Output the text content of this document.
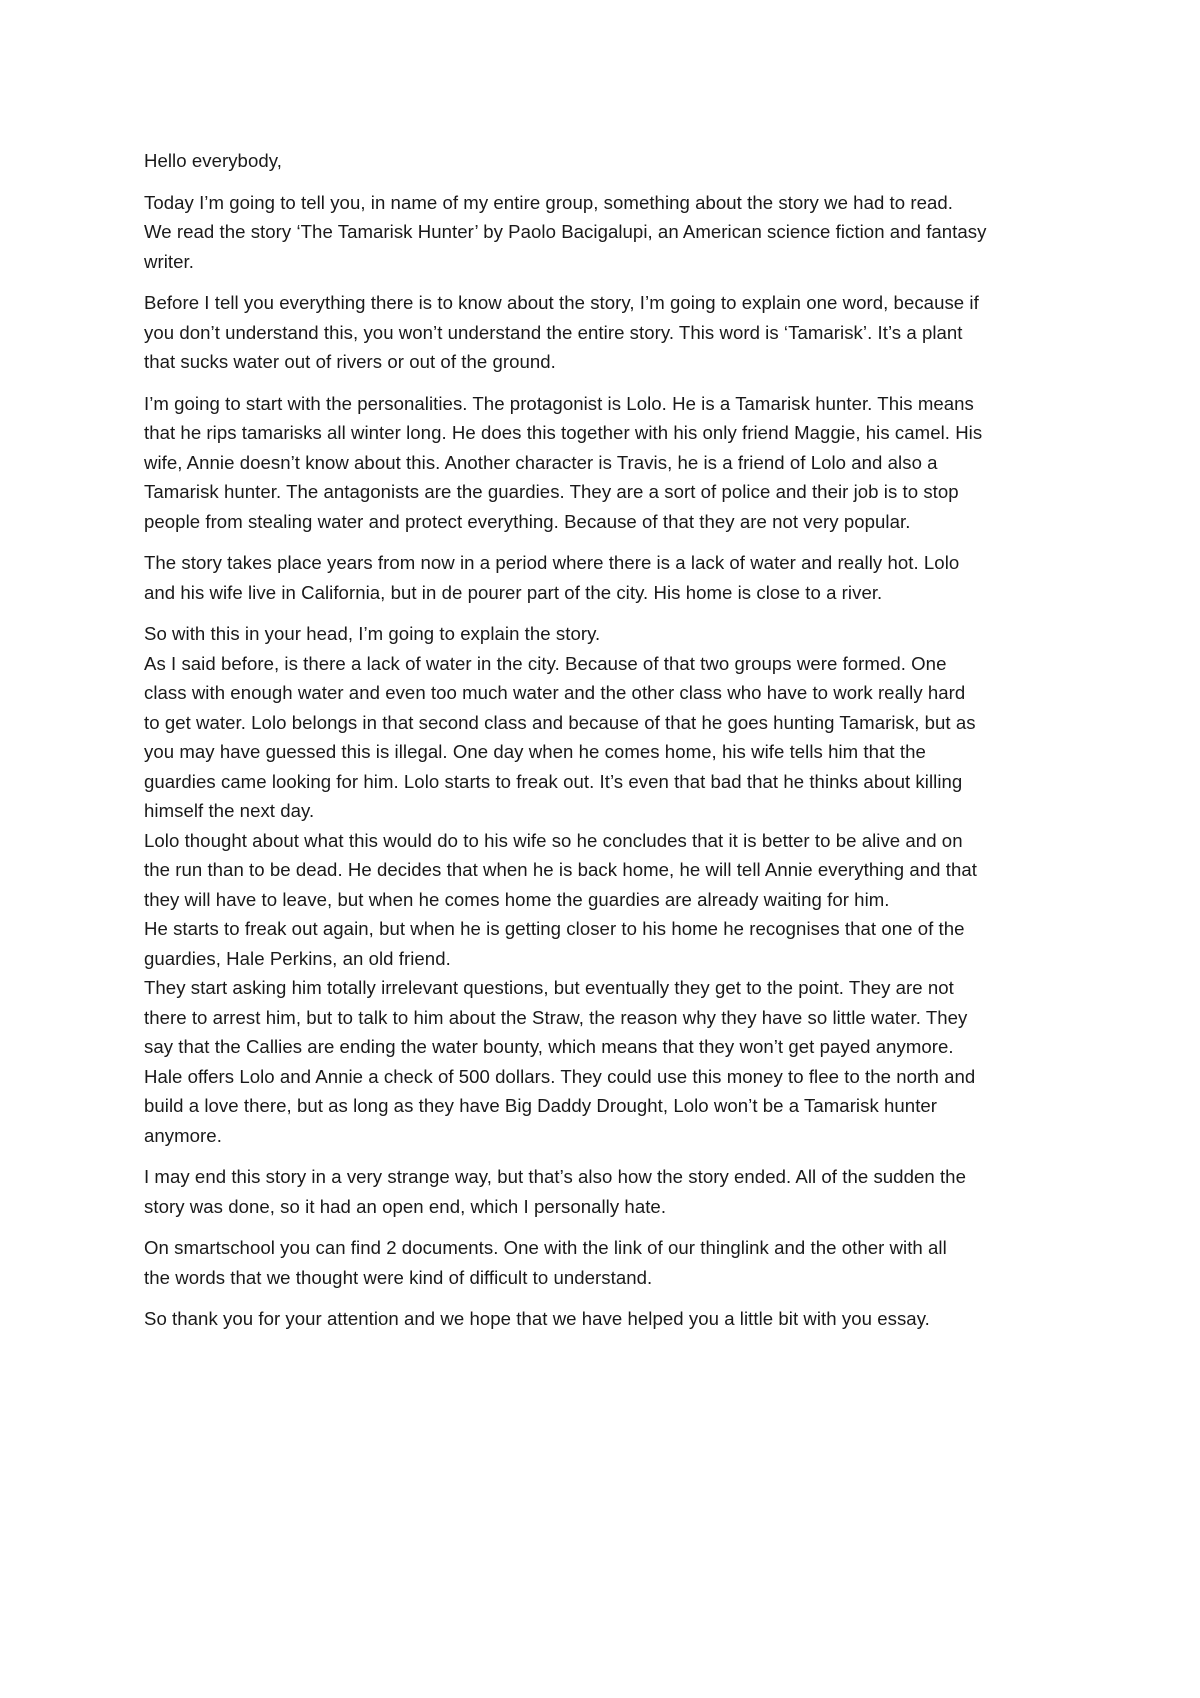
Hello everybody,
Today I’m going to tell you, in name of my entire group, something about the story we had to read.
We read the story ‘The Tamarisk Hunter’ by Paolo Bacigalupi, an American science fiction and fantasy
writer.
Before I tell you everything there is to know about the story, I’m going to explain one word, because if
you don’t understand this, you won’t understand the entire story. This word is ‘Tamarisk’. It’s a plant
that sucks water out of rivers or out of the ground.
I’m going to start with the personalities. The protagonist is Lolo. He is a Tamarisk hunter. This means
that he rips tamarisks all winter long. He does this together with his only friend Maggie, his camel. His
wife, Annie doesn’t know about this. Another character is Travis, he is a friend of Lolo and also a
Tamarisk hunter. The antagonists are the guardies. They are a sort of police and their job is to stop
people from stealing water and protect everything. Because of that they are not very popular.
The story takes place years from now in a period where there is a lack of water and really hot. Lolo
and his wife live in California, but in de pourer part of the city. His home is close to a river.
So with this in your head, I’m going to explain the story.
As I said before, is there a lack of water in the city. Because of that two groups were formed. One
class with enough water and even too much water and the other class who have to work really hard
to get water. Lolo belongs in that second class and because of that he goes hunting Tamarisk, but as
you may have guessed this is illegal. One day when he comes home, his wife tells him that the
guardies came looking for him. Lolo starts to freak out. It’s even that bad that he thinks about killing
himself the next day.
Lolo thought about what this would do to his wife so he concludes that it is better to be alive and on
the run than to be dead. He decides that when he is back home, he will tell Annie everything and that
they will have to leave, but when he comes home the guardies are already waiting for him.
He starts to freak out again, but when he is getting closer to his home he recognises that one of the
guardies, Hale Perkins, an old friend.
They start asking him totally irrelevant questions, but eventually they get to the point. They are not
there to arrest him, but to talk to him about the Straw, the reason why they have so little water. They
say that the Callies are ending the water bounty, which means that they won’t get payed anymore.
Hale offers Lolo and Annie a check of 500 dollars. They could use this money to flee to the north and
build a love there, but as long as they have Big Daddy Drought, Lolo won’t be a Tamarisk hunter
anymore.
I may end this story in a very strange way, but that’s also how the story ended. All of the sudden the
story was done, so it had an open end, which I personally hate.
On smartschool you can find 2 documents. One with the link of our thinglink and the other with all
the words that we thought were kind of difficult to understand.
So thank you for your attention and we hope that we have helped you a little bit with you essay.
